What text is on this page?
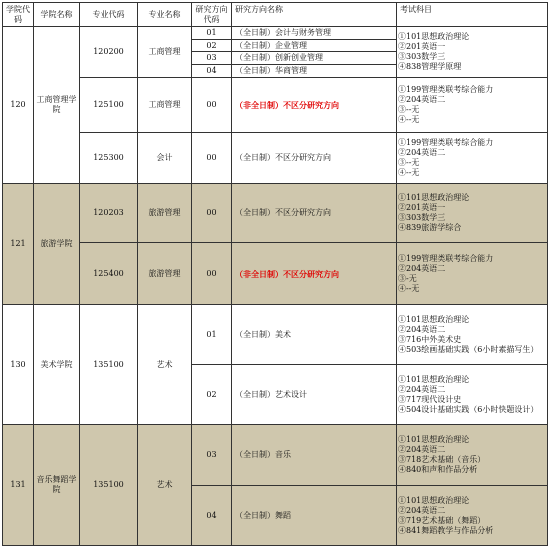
学院代码	学院名称	专业代码	专业名称	研究方向代码	研究方向名称	考试科目
120	工商管理学院	120200	工商管理	01	（全日制）会计与财务管理	①101思想政治理论
②201英语一
③303数学三
④838管理学原理

				02	（全日制）企业管理	
				03	（全日制）创新创业管理	
				04	（全日制）华商管理	
		125100	工商管理	00	（非全日制）不区分研究方向	①199管理类联考综合能力
②204英语二
③--无
④--无

		125300	会计	00	（全日制）不区分研究方向	①199管理类联考综合能力
②204英语二
③--无
④--无

121	旅游学院	120203	旅游管理	00	（全日制）不区分研究方向	①101思想政治理论
②201英语一
③303数学三
④839旅游学综合

		125400	旅游管理	00	（非全日制）不区分研究方向	①199管理类联考综合能力
②204英语二
③-无
④--无

130	美术学院	135100	艺术	01	（全日制）美术	①101思想政治理论
②204英语二
③716中外美术史
④503绘画基础实践（6小时素描写生）

				02	（全日制）艺术设计	①101思想政治理论
②204英语二
③717现代设计史
④504设计基础实践（6小时快题设计）

131	音乐舞蹈学院	135100	艺术	03	（全日制）音乐	①101思想政治理论
②204英语二
③718艺术基础（音乐）
④840和声和作品分析

				04	（全日制）舞蹈	①101思想政治理论
②204英语二
③719艺术基础（舞蹈）
④841舞蹈教学与作品分析
